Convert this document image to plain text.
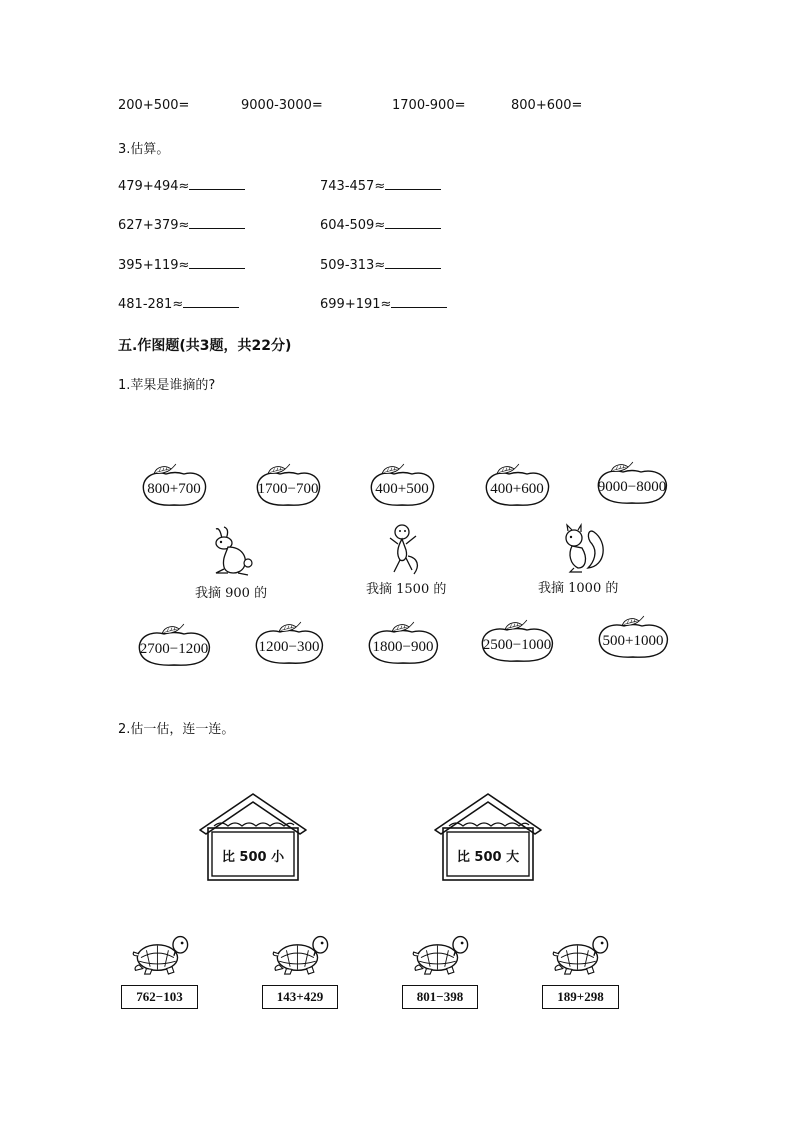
200+500=	9000-3000=	1700-900=	800+600=
3.估算。
479+494≈	743-457≈
627+379≈	604-509≈
395+119≈	509-313≈
481-281≈	699+191≈
五.作图题(共3题，共22分)
1.苹果是谁摘的?
800+700	1700−700	400+500	400+600	9000−8000
我摘 900 的	我摘 1500 的	我摘 1000 的
2700−1200	1200−300	1800−900	2500−1000	500+1000
2.估一估，连一连。
比 500 小	比 500 大
762−103	143+429	801−398	189+298
